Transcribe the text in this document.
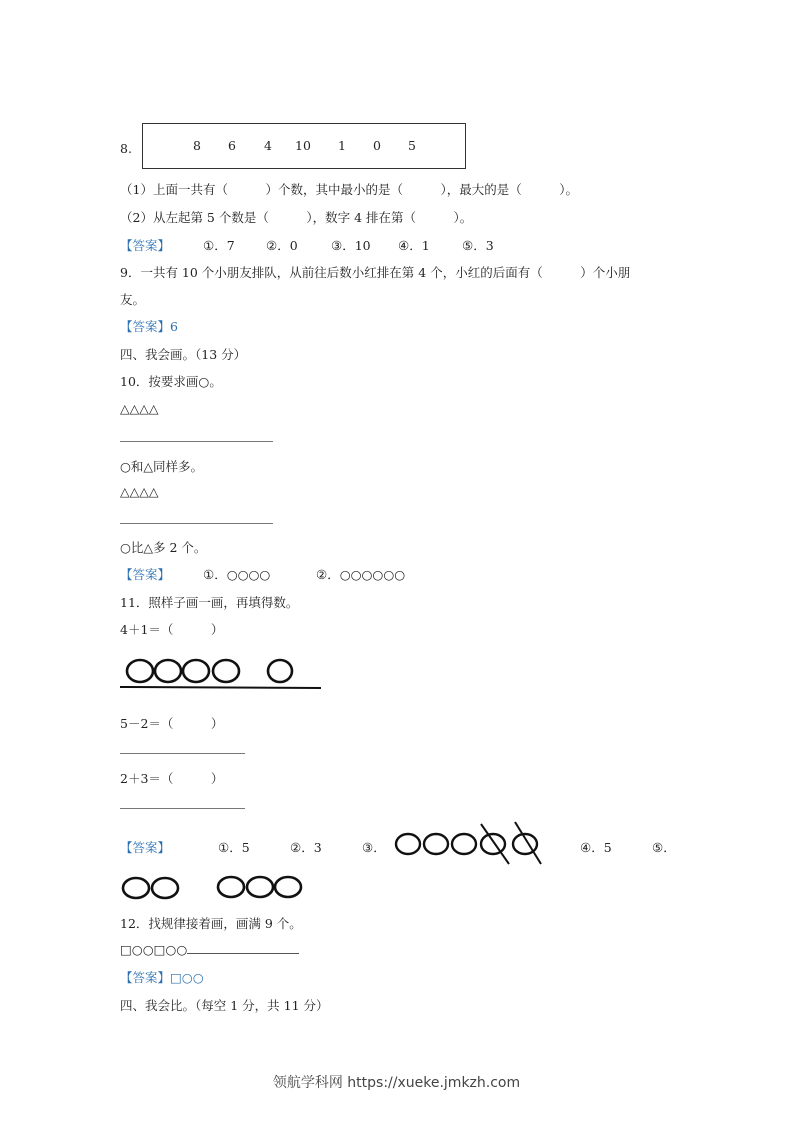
8.	8 6 4 10 1 0 5
（1）上面一共有（　　　）个数，其中最小的是（　　　），最大的是（　　　）。
（2）从左起第 5 个数是（　　　），数字 4 排在第（　　　）。
【答案】	①．7	②．0	③．10 ④．1	⑤．3
9．一共有 10 个小朋友排队，从前往后数小红排在第 4 个，小红的后面有（　　　）个小朋
友。
【答案】6
四、我会画。（13 分）
10．按要求画○。
△△△△
○和△同样多。
△△△△
○比△多 2 个。
【答案】	①．○○○○	②．○○○○○○
11．照样子画一画，再填得数。
4＋1＝（　　　）
5－2＝（　　　）
2＋3＝（　　　）
【答案】	①．5	②．3	③．	④．5	⑤．
12．找规律接着画，画满 9 个。
□○○□○○
【答案】□○○
四、我会比。（每空 1 分，共 11 分）
领航学科网 https://xueke.jmkzh.com
